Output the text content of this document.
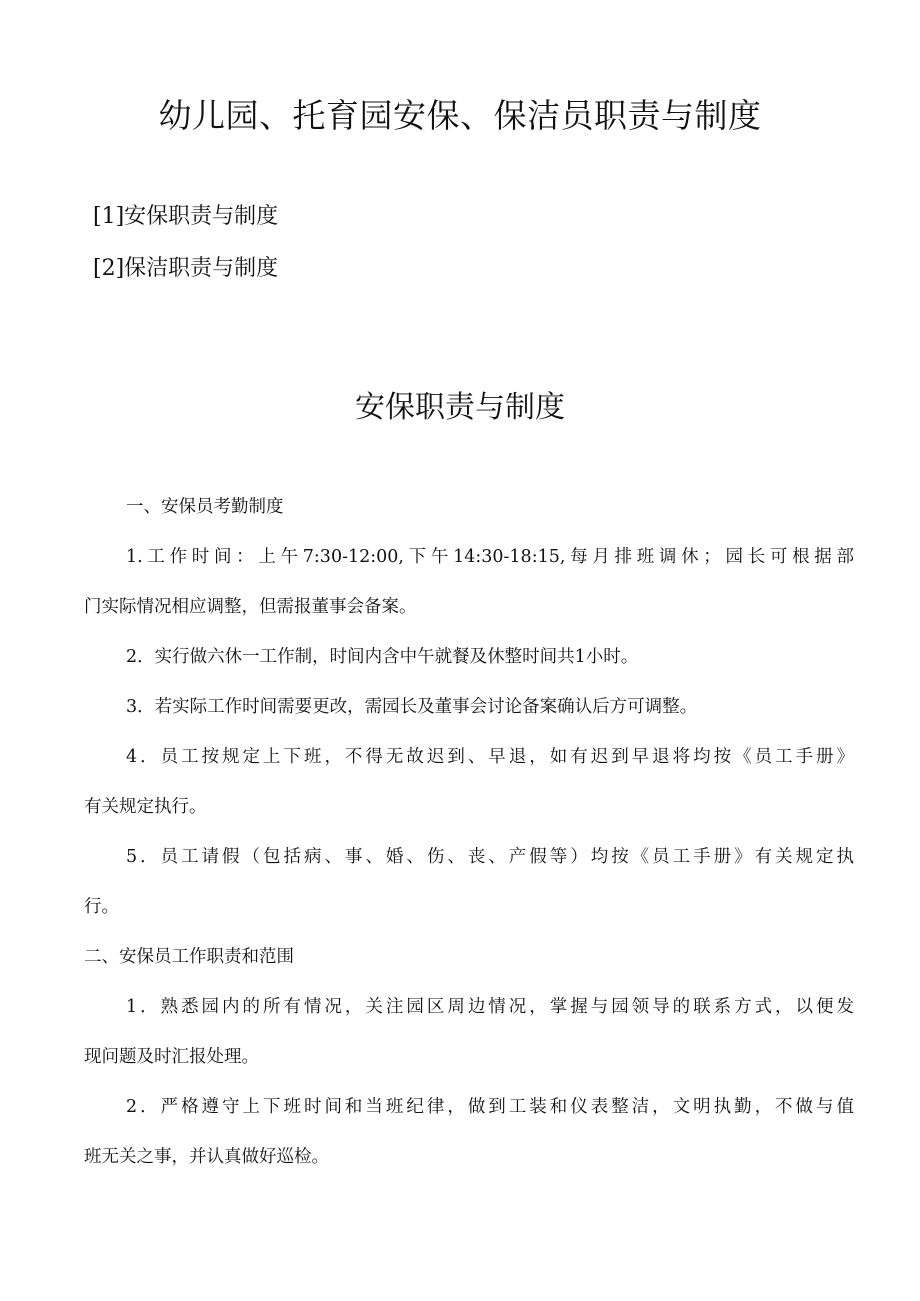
幼儿园、托育园安保、保洁员职责与制度
[1]安保职责与制度
[2]保洁职责与制度
安保职责与制度
一、安保员考勤制度
1.工作时间：上午7:30-12:00,下午14:30-18:15,每月排班调休；园长可根据部
门实际情况相应调整，但需报董事会备案。
2．实行做六休一工作制，时间内含中午就餐及休整时间共1小时。
3．若实际工作时间需要更改，需园长及董事会讨论备案确认后方可调整。
4．员工按规定上下班，不得无故迟到、早退，如有迟到早退将均按《员工手册》
有关规定执行。
5．员工请假（包括病、事、婚、伤、丧、产假等）均按《员工手册》有关规定执
行。
二、安保员工作职责和范围
1．熟悉园内的所有情况，关注园区周边情况，掌握与园领导的联系方式，以便发
现问题及时汇报处理。
2．严格遵守上下班时间和当班纪律，做到工装和仪表整洁，文明执勤，不做与值
班无关之事，并认真做好巡检。
